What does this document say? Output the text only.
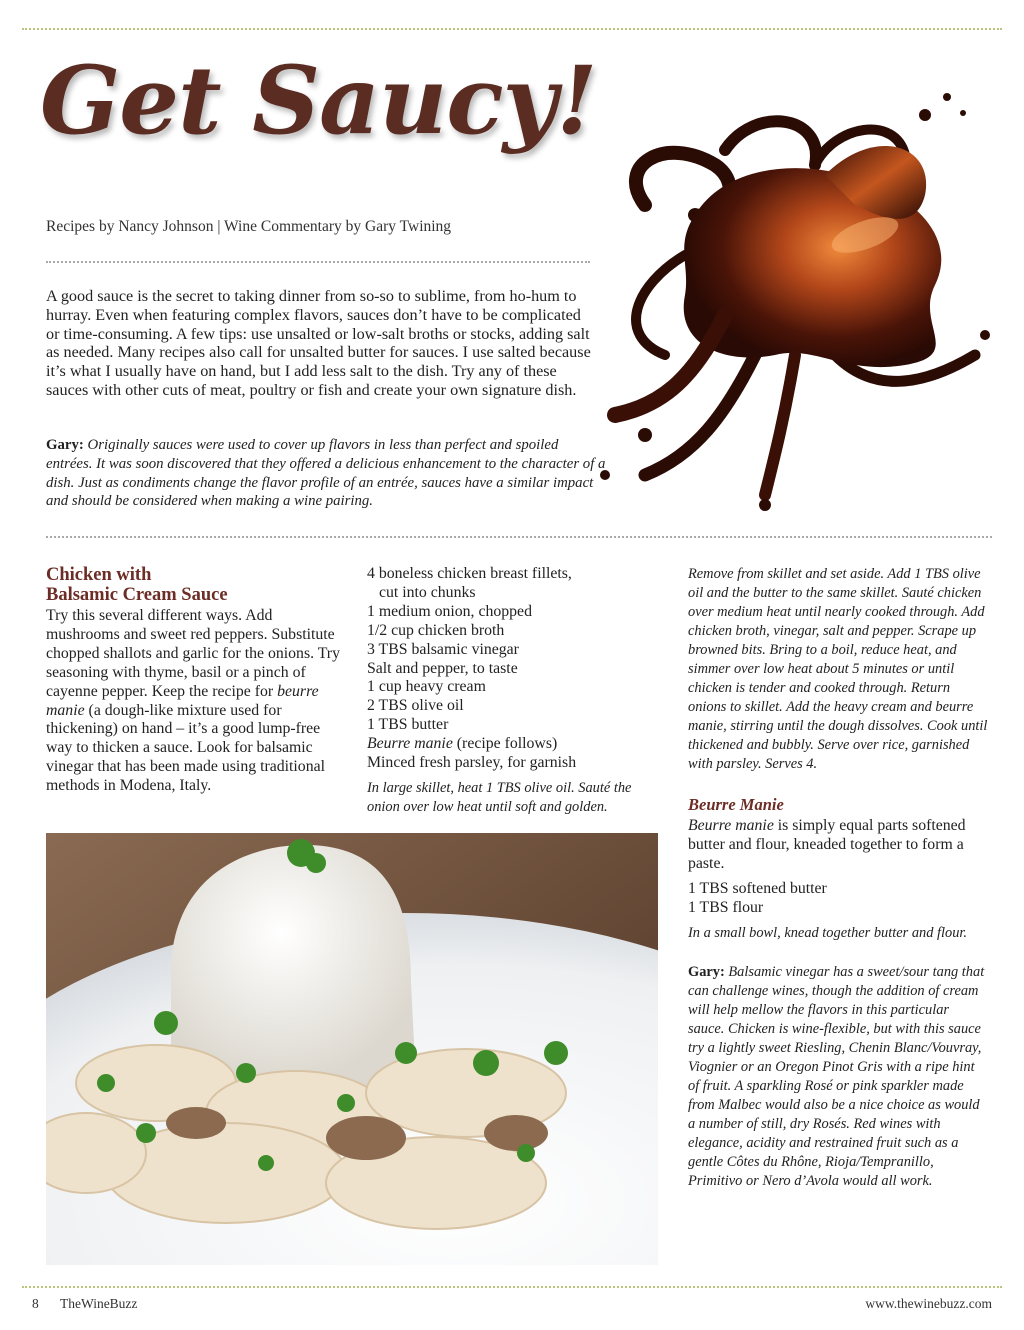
Get Saucy!
Recipes by Nancy Johnson | Wine Commentary by Gary Twining

A good sauce is the secret to taking dinner from so-so to sublime, from ho-hum to hurray. Even when featuring complex flavors, sauces don’t have to be complicated or time-consuming. A few tips: use unsalted or low-salt broths or stocks, adding salt as needed. Many recipes also call for unsalted butter for sauces. I use salted because it’s what I usually have on hand, but I add less salt to the dish. Try any of these sauces with other cuts of meat, poultry or fish and create your own signature dish.

Gary: Originally sauces were used to cover up flavors in less than perfect and spoiled entrées. It was soon discovered that they offered a delicious enhancement to the character of a dish. Just as condiments change the flavor profile of an entrée, sauces have a similar impact and should be considered when making a wine pairing.

Chicken with
Balsamic Cream Sauce

Try this several different ways. Add mushrooms and sweet red peppers. Substitute chopped shallots and garlic for the onions. Try seasoning with thyme, basil or a pinch of cayenne pepper. Keep the recipe for beurre manie (a dough-like mixture used for thickening) on hand – it’s a good lump-free way to thicken a sauce. Look for balsamic vinegar that has been made using traditional methods in Modena, Italy.

4 boneless chicken breast fillets,
cut into chunks
1 medium onion, chopped
1/2 cup chicken broth
3 TBS balsamic vinegar
Salt and pepper, to taste
1 cup heavy cream
2 TBS olive oil
1 TBS butter
Beurre manie (recipe follows)
Minced fresh parsley, for garnish

In large skillet, heat 1 TBS olive oil. Sauté the onion over low heat until soft and golden.

Remove from skillet and set aside. Add 1 TBS olive oil and the butter to the same skillet. Sauté chicken over medium heat until nearly cooked through. Add chicken broth, vinegar, salt and pepper. Scrape up browned bits. Bring to a boil, reduce heat, and simmer over low heat about 5 minutes or until chicken is tender and cooked through. Return onions to skillet. Add the heavy cream and beurre manie, stirring until the dough dissolves. Cook until thickened and bubbly. Serve over rice, garnished with parsley. Serves 4.

Beurre Manie

Beurre manie is simply equal parts softened butter and flour, kneaded together to form a paste.

1 TBS softened butter

1 TBS flour

In a small bowl, knead together butter and flour.

Gary: Balsamic vinegar has a sweet/sour tang that can challenge wines, though the addition of cream will help mellow the flavors in this particular sauce. Chicken is wine-flexible, but with this sauce try a lightly sweet Riesling, Chenin Blanc/Vouvray, Viognier or an Oregon Pinot Gris with a ripe hint of fruit. A sparkling Rosé or pink sparkler made from Malbec would also be a nice choice as would a number of still, dry Rosés. Red wines with elegance, acidity and restrained fruit such as a gentle Côtes du Rhône, Rioja/Tempranillo, Primitivo or Nero d’Avola would all work.

8 TheWineBuzz	www.thewinebuzz.com
